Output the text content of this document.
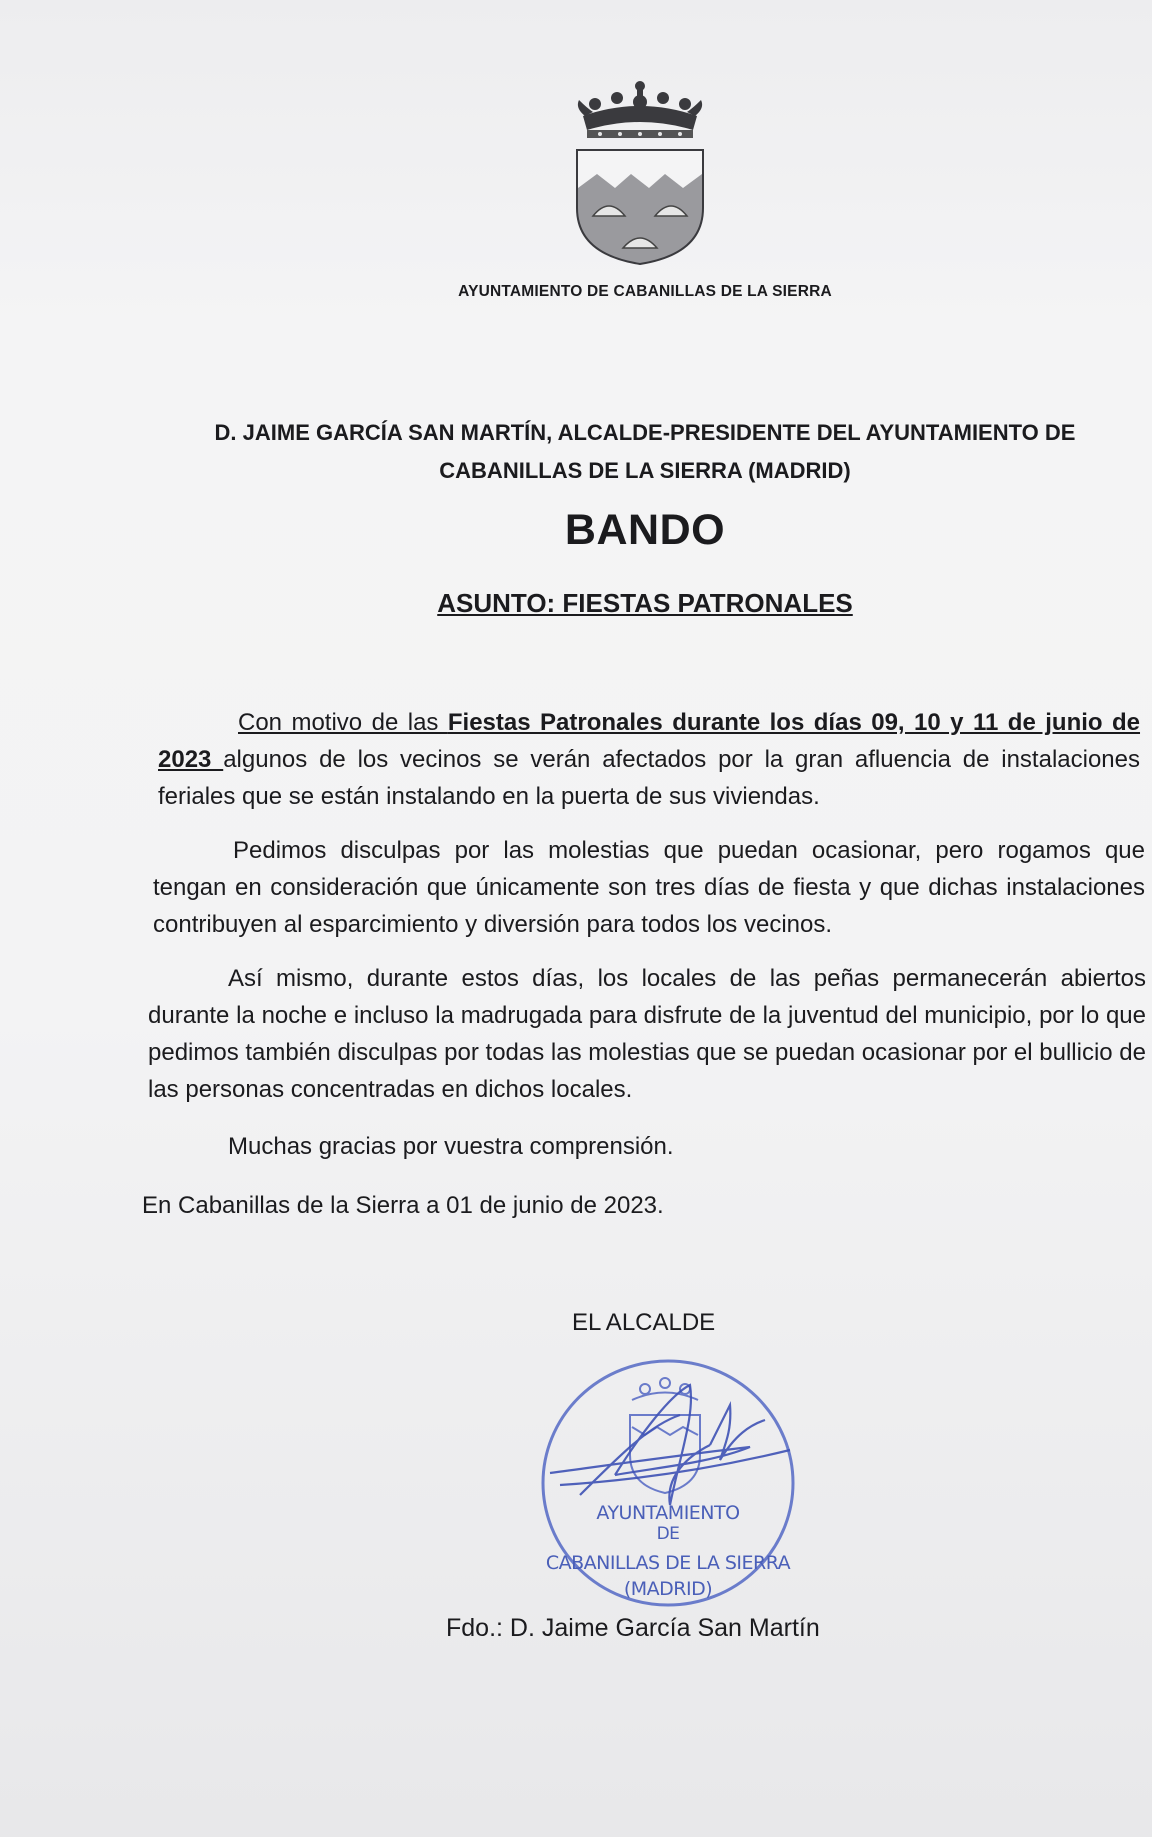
AYUNTAMIENTO DE CABANILLAS DE LA SIERRA
D. JAIME GARCÍA SAN MARTÍN, ALCALDE-PRESIDENTE DEL AYUNTAMIENTO DE CABANILLAS DE LA SIERRA (MADRID)
BANDO
ASUNTO: FIESTAS PATRONALES

Con motivo de las Fiestas Patronales durante los días 09, 10 y 11 de junio de 2023 algunos de los vecinos se verán afectados por la gran afluencia de instalaciones feriales que se están instalando en la puerta de sus viviendas.

Pedimos disculpas por las molestias que puedan ocasionar, pero rogamos que tengan en consideración que únicamente son tres días de fiesta y que dichas instalaciones contribuyen al esparcimiento y diversión para todos los vecinos.

Así mismo, durante estos días, los locales de las peñas permanecerán abiertos durante la noche e incluso la madrugada para disfrute de la juventud del municipio, por lo que pedimos también disculpas por todas las molestias que se puedan ocasionar por el bullicio de las personas concentradas en dichos locales.

Muchas gracias por vuestra comprensión.
En Cabanillas de la Sierra a 01 de junio de 2023.
EL ALCALDE
AYUNTAMIENTO
DE
CABANILLAS DE LA SIERRA
(MADRID)
Fdo.: D. Jaime García San Martín
